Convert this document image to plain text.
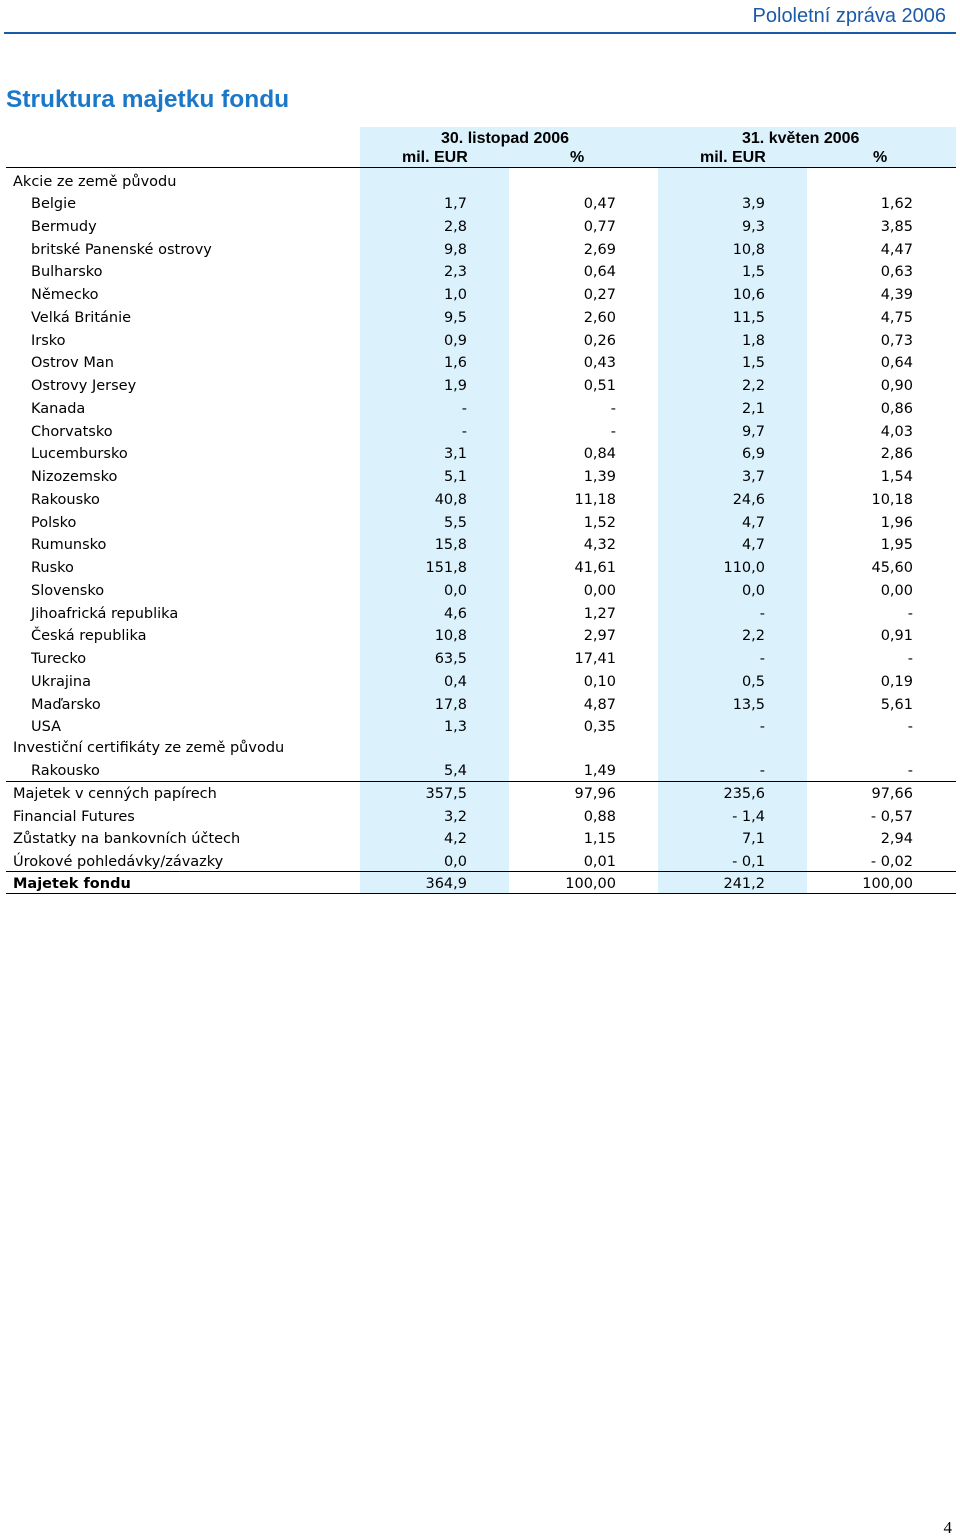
Pololetní zpráva 2006
Struktura majetku fondu
30. listopad 2006
mil. EUR	%
31. květen 2006
mil. EUR	%
Akcie ze země původu
Belgie	1,7	0,47	3,9	1,62
Bermudy	2,8	0,77	9,3	3,85
britské Panenské ostrovy	9,8	2,69	10,8	4,47
Bulharsko	2,3	0,64	1,5	0,63
Německo	1,0	0,27	10,6	4,39
Velká Británie	9,5	2,60	11,5	4,75
Irsko	0,9	0,26	1,8	0,73
Ostrov Man	1,6	0,43	1,5	0,64
Ostrovy Jersey	1,9	0,51	2,2	0,90
Kanada	-	-	2,1	0,86
Chorvatsko	-	-	9,7	4,03
Lucembursko	3,1	0,84	6,9	2,86
Nizozemsko	5,1	1,39	3,7	1,54
Rakousko	40,8	11,18	24,6	10,18
Polsko	5,5	1,52	4,7	1,96
Rumunsko	15,8	4,32	4,7	1,95
Rusko	151,8	41,61	110,0	45,60
Slovensko	0,0	0,00	0,0	0,00
Jihoafrická republika	4,6	1,27	-	-
Česká republika	10,8	2,97	2,2	0,91
Turecko	63,5	17,41	-	-
Ukrajina	0,4	0,10	0,5	0,19
Maďarsko	17,8	4,87	13,5	5,61
USA	1,3	0,35	-	-
Investiční certifikáty ze země původu
Rakousko	5,4	1,49	-	-
Majetek v cenných papírech	357,5	97,96	235,6	97,66
Financial Futures	3,2	0,88	- 1,4	- 0,57
Zůstatky na bankovních účtech	4,2	1,15	7,1	2,94
Úrokové pohledávky/závazky	0,0	0,01	- 0,1	- 0,02
Majetek fondu	364,9	100,00	241,2	100,00
4
